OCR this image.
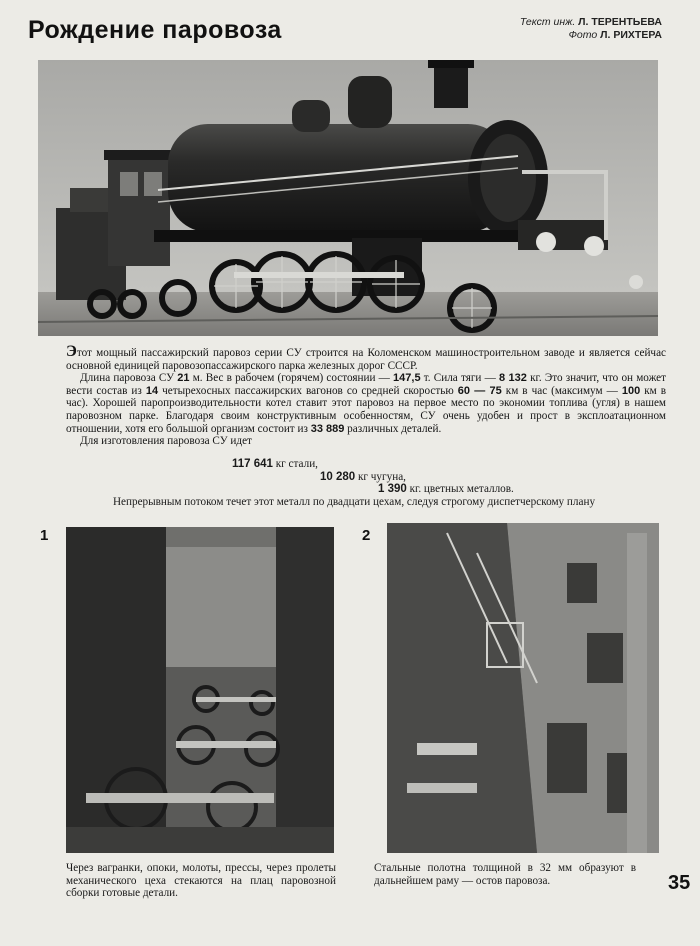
Рождение паровоза	Текст инж. Л. ТЕРЕНТЬЕВА
Фото Л. РИХТЕРА

Этот мощный пассажирский паровоз серии СУ строится на Коломенском машиностроительном заводе и является сейчас основной единицей паровозопассажирского парка железных дорог СССР.

Длина паровоза СУ 21 м. Вес в рабочем (горячем) состоянии — 147,5 т. Сила тяги — 8 132 кг. Это значит, что он может вести состав из 14 четырехосных пассажирских вагонов со средней скоростью 60 — 75 км в час (максимум — 100 км в час). Хорошей паропроизводительности котел ставит этот паровоз на первое место по экономии топлива (угля) в нашем паровозном парке. Благодаря своим конструктивным особенностям, СУ очень удобен и прост в эксплоатационном отношении, хотя его большой организм состоит из 33 889 различных деталей.

Для изготовления паровоза СУ идет

117 641 кг стали,
10 280 кг чугуна,
1 390 кг. цветных металлов.
Непрерывным потоком течет этот металл по двадцати цехам, следуя строгому диспетчерскому плану
1
Через вагранки, опоки, молоты, прессы, через пролеты механического цеха стекаются на плац паровозной сборки готовые детали.
2
Стальные полотна толщиной в 32 мм образуют в дальнейшем раму — остов паровоза.	35
